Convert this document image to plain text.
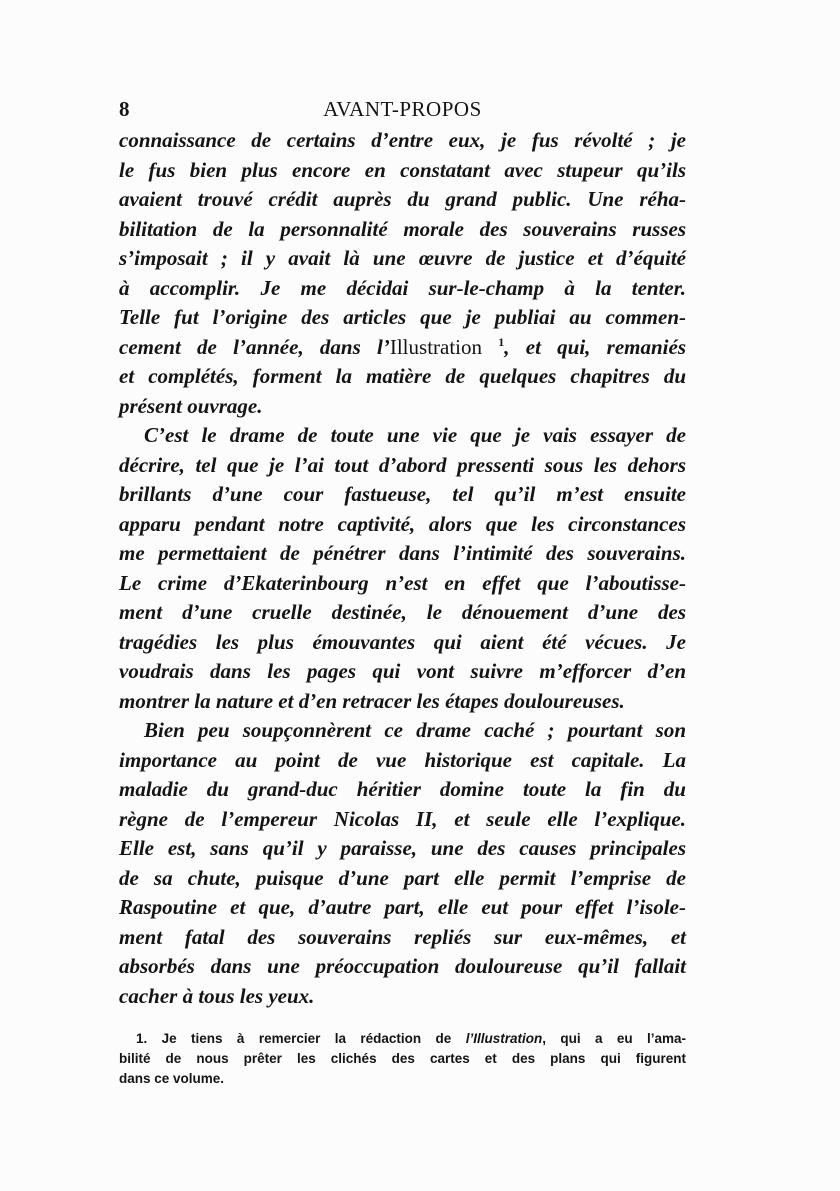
8	AVANT-PROPOS
connaissance de certains d’entre eux, je fus révolté ; je
le fus bien plus encore en constatant avec stupeur qu’ils
avaient trouvé crédit auprès du grand public. Une réha-
bilitation de la personnalité morale des souverains russes
s’imposait ; il y avait là une œuvre de justice et d’équité
à accomplir. Je me décidai sur-le-champ à la tenter.
Telle fut l’origine des articles que je publiai au commen-
cement de l’année, dans l’Illustration $^1$, et qui, remaniés
et complétés, forment la matière de quelques chapitres du
présent ouvrage.
C’est le drame de toute une vie que je vais essayer de
décrire, tel que je l’ai tout d’abord pressenti sous les dehors
brillants d’une cour fastueuse, tel qu’il m’est ensuite
apparu pendant notre captivité, alors que les circonstances
me permettaient de pénétrer dans l’intimité des souverains.
Le crime d’Ekaterinbourg n’est en effet que l’aboutisse-
ment d’une cruelle destinée, le dénouement d’une des
tragédies les plus émouvantes qui aient été vécues. Je
voudrais dans les pages qui vont suivre m’efforcer d’en
montrer la nature et d’en retracer les étapes douloureuses.
Bien peu soupçonnèrent ce drame caché ; pourtant son
importance au point de vue historique est capitale. La
maladie du grand-duc héritier domine toute la fin du
règne de l’empereur Nicolas II, et seule elle l’explique.
Elle est, sans qu’il y paraisse, une des causes principales
de sa chute, puisque d’une part elle permit l’emprise de
Raspoutine et que, d’autre part, elle eut pour effet l’isole-
ment fatal des souverains repliés sur eux-mêmes, et
absorbés dans une préoccupation douloureuse qu’il fallait
cacher à tous les yeux.
1. Je tiens à remercier la rédaction de l’Illustration, qui a eu l’ama-
bilité de nous prêter les clichés des cartes et des plans qui figurent
dans ce volume.
